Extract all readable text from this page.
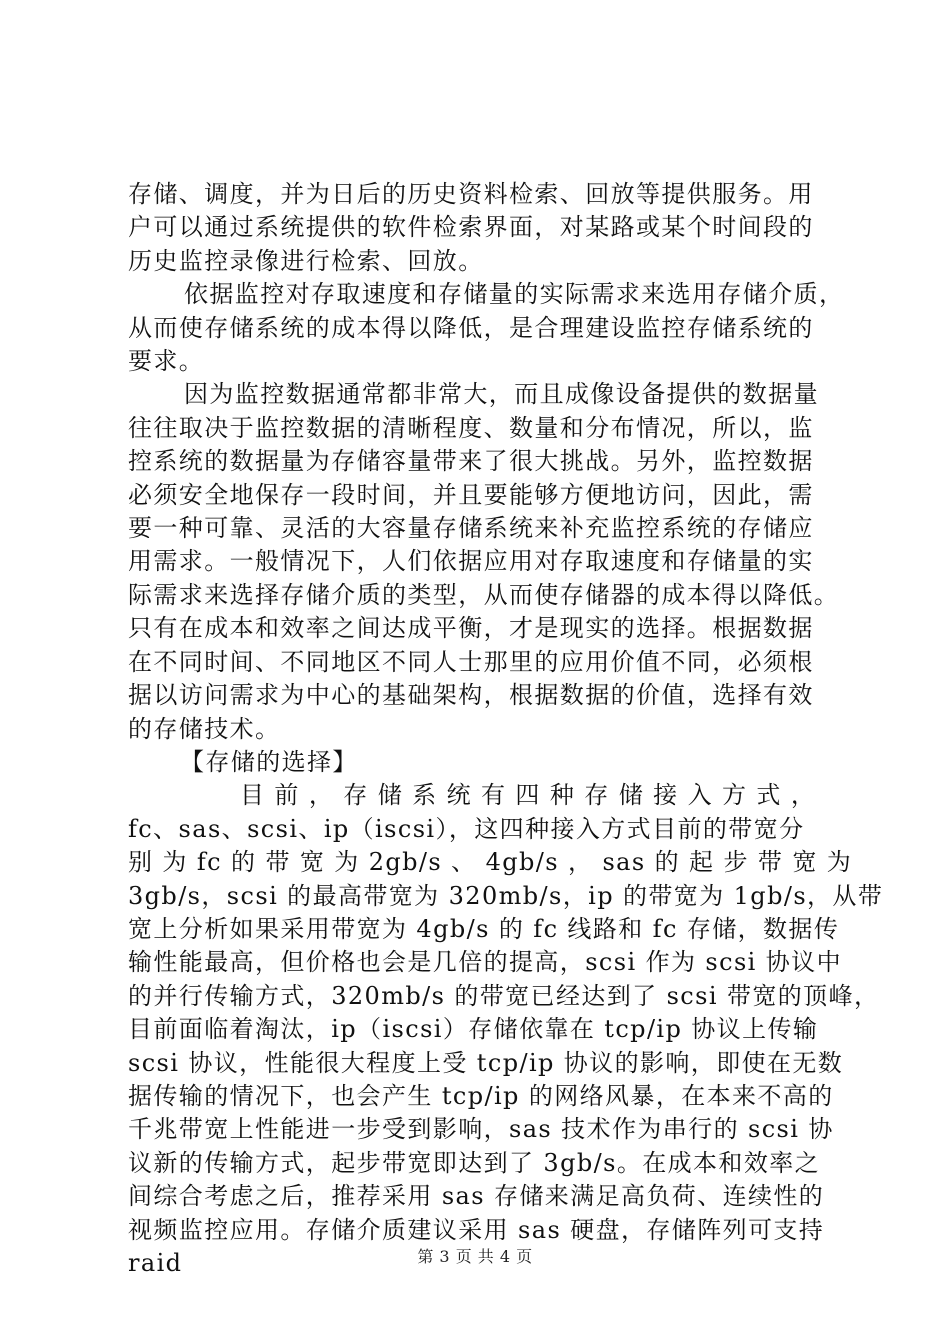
存储、调度，并为日后的历史资料检索、回放等提供服务。用
户可以通过系统提供的软件检索界面，对某路或某个时间段的
历史监控录像进行检索、回放。
依据监控对存取速度和存储量的实际需求来选用存储介质，
从而使存储系统的成本得以降低，是合理建设监控存储系统的
要求。
因为监控数据通常都非常大，而且成像设备提供的数据量
往往取决于监控数据的清晰程度、数量和分布情况，所以，监
控系统的数据量为存储容量带来了很大挑战。另外，监控数据
必须安全地保存一段时间，并且要能够方便地访问，因此，需
要一种可靠、灵活的大容量存储系统来补充监控系统的存储应
用需求。一般情况下，人们依据应用对存取速度和存储量的实
际需求来选择存储介质的类型，从而使存储器的成本得以降低。
只有在成本和效率之间达成平衡，才是现实的选择。根据数据
在不同时间、不同地区不同人士那里的应用价值不同，必须根
据以访问需求为中心的基础架构，根据数据的价值，选择有效
的存储技术。
【存储的选择】
目 前 ， 存 储 系 统 有 四 种 存 储 接 入 方 式 ，
fc、sas、scsi、ip（iscsi），这四种接入方式目前的带宽分
别 为 fc 的 带 宽 为 2gb/s 、 4gb/s ， sas 的 起 步 带 宽 为
3gb/s，scsi 的最高带宽为 320mb/s，ip 的带宽为 1gb/s，从带
宽上分析如果采用带宽为 4gb/s 的 fc 线路和 fc 存储，数据传
输性能最高，但价格也会是几倍的提高，scsi 作为 scsi 协议中
的并行传输方式，320mb/s 的带宽已经达到了 scsi 带宽的顶峰，
目前面临着淘汰，ip（iscsi）存储依靠在 tcp/ip 协议上传输
scsi 协议，性能很大程度上受 tcp/ip 协议的影响，即使在无数
据传输的情况下，也会产生 tcp/ip 的网络风暴，在本来不高的
千兆带宽上性能进一步受到影响，sas 技术作为串行的 scsi 协
议新的传输方式，起步带宽即达到了 3gb/s。在成本和效率之
间综合考虑之后，推荐采用 sas 存储来满足高负荷、连续性的
视频监控应用。存储介质建议采用 sas 硬盘，存储阵列可支持
raid	第 3 页 共 4 页
